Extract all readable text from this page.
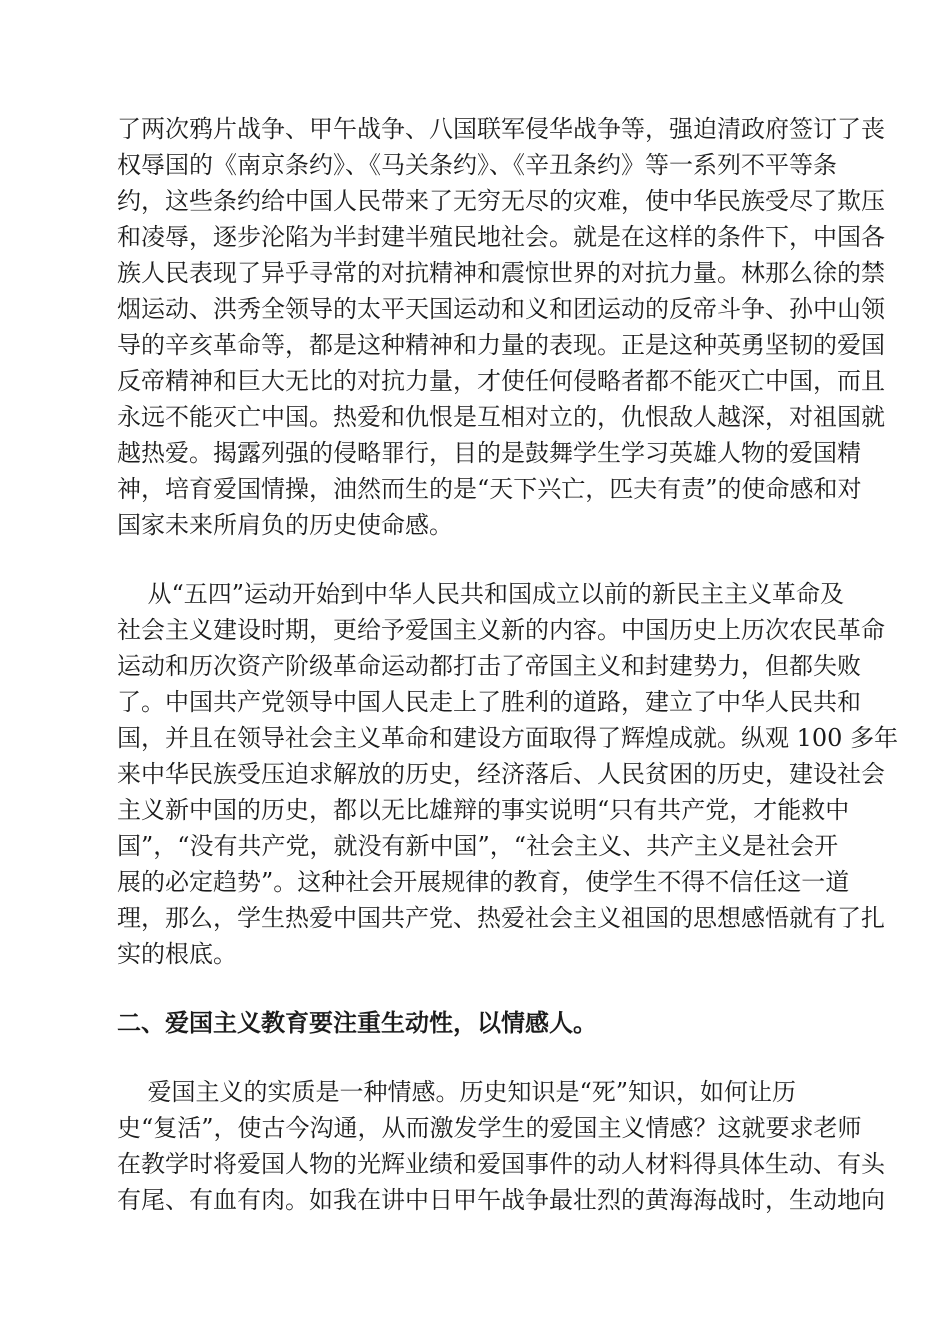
了两次鸦片战争、甲午战争、八国联军侵华战争等，强迫清政府签订了丧
权辱国的《南京条约》、《马关条约》、《辛丑条约》等一系列不平等条
约，这些条约给中国人民带来了无穷无尽的灾难，使中华民族受尽了欺压
和凌辱，逐步沦陷为半封建半殖民地社会。就是在这样的条件下，中国各
族人民表现了异乎寻常的对抗精神和震惊世界的对抗力量。林那么徐的禁
烟运动、洪秀全领导的太平天国运动和义和团运动的反帝斗争、孙中山领
导的辛亥革命等，都是这种精神和力量的表现。正是这种英勇坚韧的爱国
反帝精神和巨大无比的对抗力量，才使任何侵略者都不能灭亡中国，而且
永远不能灭亡中国。热爱和仇恨是互相对立的，仇恨敌人越深，对祖国就
越热爱。揭露列强的侵略罪行，目的是鼓舞学生学习英雄人物的爱国精
神，培育爱国情操，油然而生的是“天下兴亡，匹夫有责”的使命感和对
国家未来所肩负的历史使命感。
从“五四”运动开始到中华人民共和国成立以前的新民主主义革命及
社会主义建设时期，更给予爱国主义新的内容。中国历史上历次农民革命
运动和历次资产阶级革命运动都打击了帝国主义和封建势力，但都失败
了。中国共产党领导中国人民走上了胜利的道路，建立了中华人民共和
国，并且在领导社会主义革命和建设方面取得了辉煌成就。纵观 100 多年
来中华民族受压迫求解放的历史，经济落后、人民贫困的历史，建设社会
主义新中国的历史，都以无比雄辩的事实说明“只有共产党，才能救中
国”，“没有共产党，就没有新中国”，“社会主义、共产主义是社会开
展的必定趋势”。这种社会开展规律的教育，使学生不得不信任这一道
理，那么，学生热爱中国共产党、热爱社会主义祖国的思想感悟就有了扎
实的根底。
二、爱国主义教育要注重生动性，以情感人。
爱国主义的实质是一种情感。历史知识是“死”知识，如何让历
史“复活”，使古今沟通，从而激发学生的爱国主义情感？这就要求老师
在教学时将爱国人物的光辉业绩和爱国事件的动人材料得具体生动、有头
有尾、有血有肉。如我在讲中日甲午战争最壮烈的黄海海战时，生动地向
